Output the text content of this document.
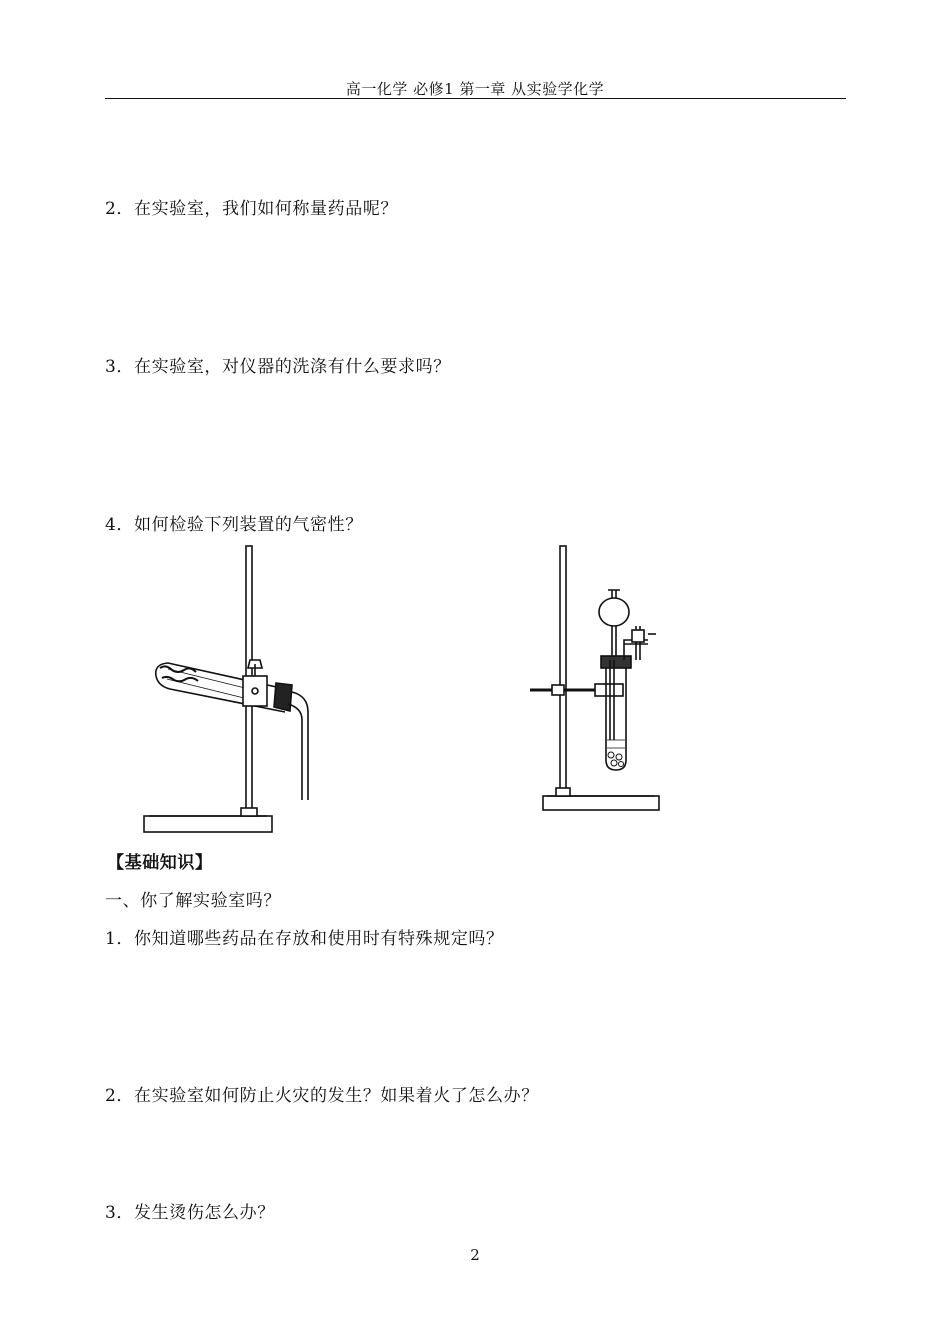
高一化学 必修1 第一章 从实验学化学
2．在实验室，我们如何称量药品呢？
3．在实验室，对仪器的洗涤有什么要求吗？
4．如何检验下列装置的气密性？
【基础知识】
一、你了解实验室吗？
1．你知道哪些药品在存放和使用时有特殊规定吗？
2．在实验室如何防止火灾的发生？如果着火了怎么办？
3．发生烫伤怎么办？
2
